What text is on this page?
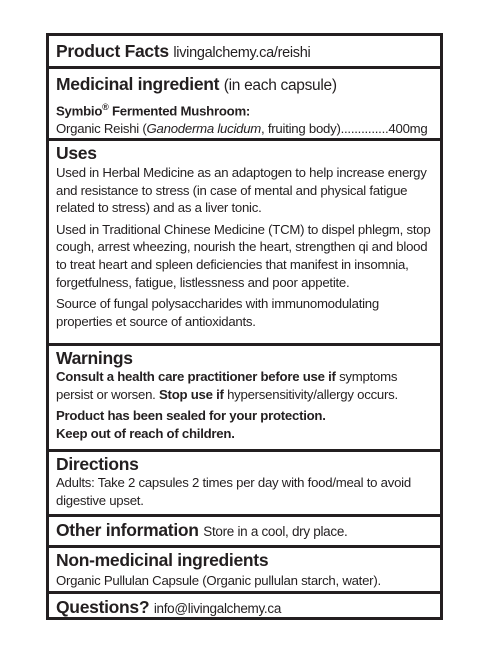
Product Facts livingalchemy.ca/reishi
Medicinal ingredient (in each capsule)
Symbio® Fermented Mushroom:
Organic Reishi ( Ganoderma lucidum , fruiting body) .............. 400mg
Uses

Used in Herbal Medicine as an adaptogen to help increase energy and resistance to stress (in case of mental and physical fatigue related to stress) and as a liver tonic.

Used in Traditional Chinese Medicine (TCM) to dispel phlegm, stop cough, arrest wheezing, nourish the heart, strengthen qi and blood to treat heart and spleen deficiencies that manifest in insomnia, forgetfulness, fatigue, listlessness and poor appetite.

Source of fungal polysaccharides with immunomodulating properties et source of antioxidants.

Warnings

Consult a health care practitioner before use if symptoms persist or worsen. Stop use if hypersensitivity/allergy occurs.

Product has been sealed for your protection.

Keep out of reach of children.

Directions

Adults: Take 2 capsules 2 times per day with food/meal to avoid digestive upset.

Other information Store in a cool, dry place.
Non-medicinal ingredients

Organic Pullulan Capsule (Organic pullulan starch, water).

Questions? info@livingalchemy.ca
